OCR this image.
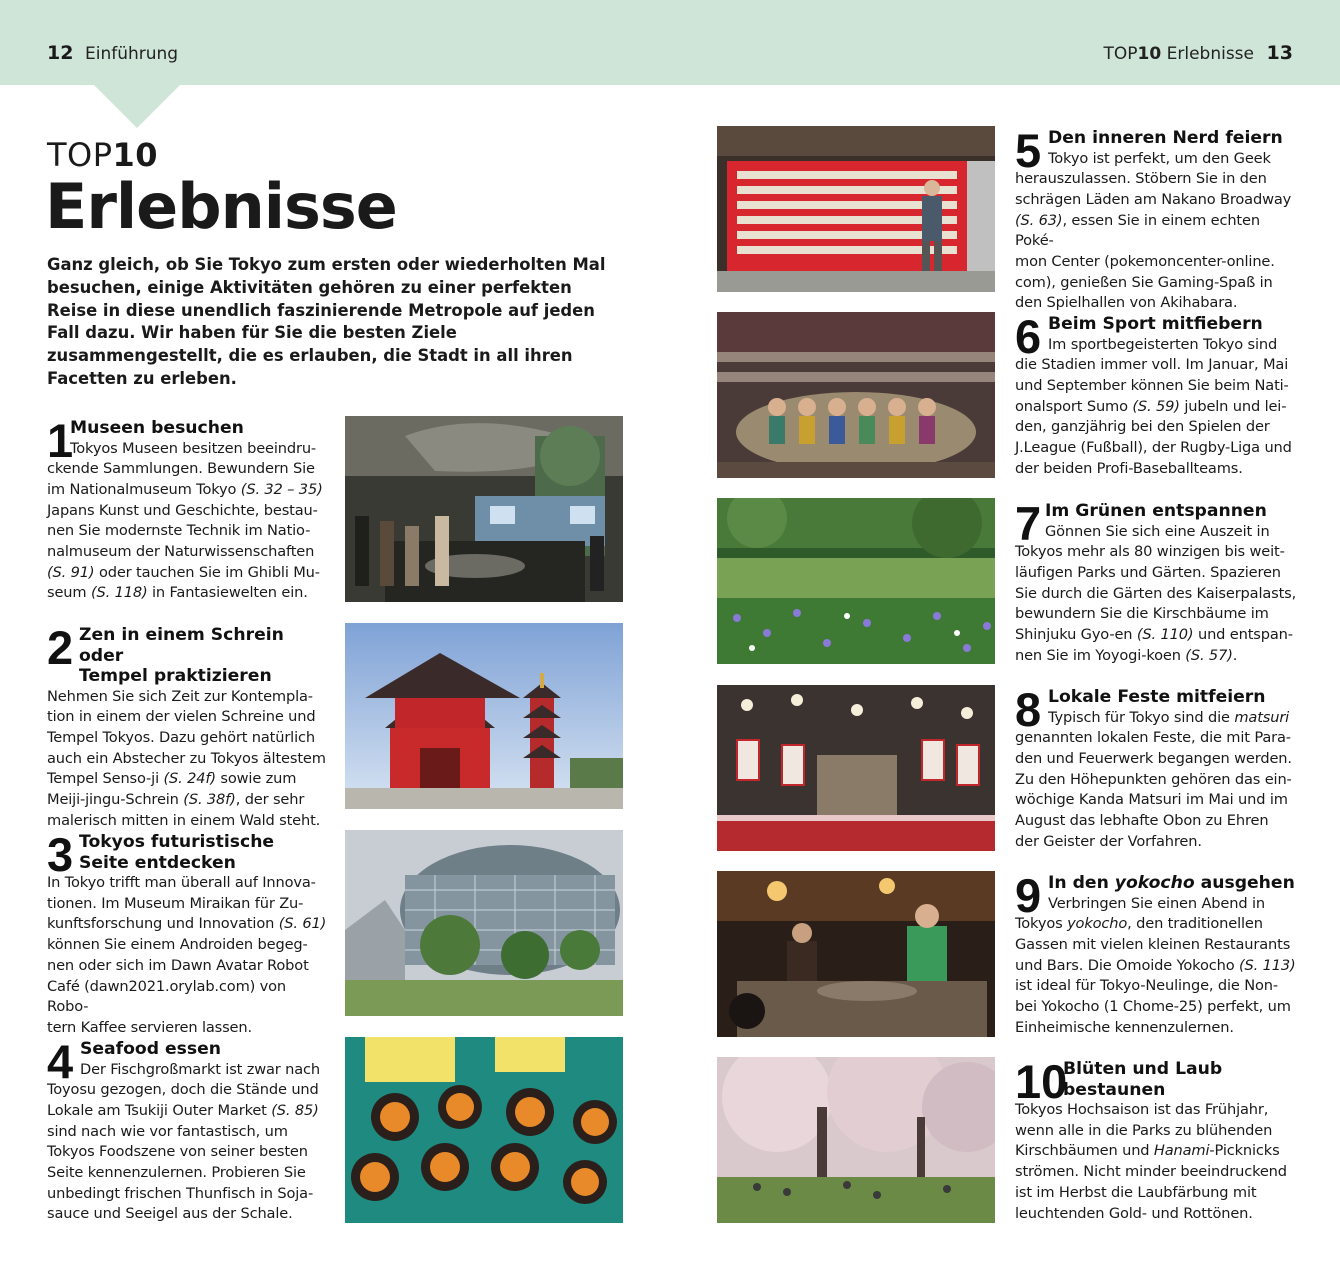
12 Einführung	TOP10 Erlebnisse 13
TOP10
Erlebnisse

Ganz gleich, ob Sie Tokyo zum ersten oder wiederholten Mal besuchen, einige Aktivitäten gehören zu einer perfekten Reise in diese unendlich faszinierende Metropole auf jeden Fall dazu. Wir haben für Sie die besten Ziele zusammengestellt, die es erlauben, die Stadt in all ihren Facetten zu erleben.

1
Museen besuchen
Tokyos Museen besitzen beeindru-
ckende Sammlungen. Bewundern Sie
im Nationalmuseum Tokyo (S. 32 – 35)
Japans Kunst und Geschichte, bestau-
nen Sie modernste Technik im Natio-
nalmuseum der Naturwissenschaften
(S. 91) oder tauchen Sie im Ghibli Mu-
seum (S. 118) in Fantasiewelten ein.
2 Zen in einem Schrein oder
Tempel praktizieren
Nehmen Sie sich Zeit zur Kontempla-
tion in einem der vielen Schreine und
Tempel Tokyos. Dazu gehört natürlich
auch ein Abstecher zu Tokyos ältestem
Tempel Senso-ji (S. 24f) sowie zum
Meiji-jingu-Schrein (S. 38f), der sehr
malerisch mitten in einem Wald steht.
3 Tokyos futuristische
Seite entdecken
In Tokyo trifft man überall auf Innova-
tionen. Im Museum Miraikan für Zu-
kunftsforschung und Innovation (S. 61)
können Sie einem Androiden begeg-
nen oder sich im Dawn Avatar Robot
Café (dawn2021.orylab.com) von Robo-
tern Kaffee servieren lassen.
4 Seafood essen
Der Fischgroßmarkt ist zwar nach
Toyosu gezogen, doch die Stände und
Lokale am Tsukiji Outer Market (S. 85)
sind nach wie vor fantastisch, um
Tokyos Foodszene von seiner besten
Seite kennenzulernen. Probieren Sie
unbedingt frischen Thunfisch in Soja-
sauce und Seeigel aus der Schale.
5 Den inneren Nerd feiern
Tokyo ist perfekt, um den Geek
herauszulassen. Stöbern Sie in den
schrägen Läden am Nakano Broadway
(S. 63), essen Sie in einem echten Poké-
mon Center (pokemoncenter-online.
com), genießen Sie Gaming-Spaß in
den Spielhallen von Akihabara.
6 Beim Sport mitfiebern
Im sportbegeisterten Tokyo sind
die Stadien immer voll. Im Januar, Mai
und September können Sie beim Nati-
onalsport Sumo (S. 59) jubeln und lei-
den, ganzjährig bei den Spielen der
J.League (Fußball), der Rugby-Liga und
der beiden Profi-Baseballteams.
7 Im Grünen entspannen
Gönnen Sie sich eine Auszeit in
Tokyos mehr als 80 winzigen bis weit-
läufigen Parks und Gärten. Spazieren
Sie durch die Gärten des Kaiserpalasts,
bewundern Sie die Kirschbäume im
Shinjuku Gyo-en (S. 110) und entspan-
nen Sie im Yoyogi-koen (S. 57).
8 Lokale Feste mitfeiern
Typisch für Tokyo sind die matsuri
genannten lokalen Feste, die mit Para-
den und Feuerwerk begangen werden.
Zu den Höhepunkten gehören das ein-
wöchige Kanda Matsuri im Mai und im
August das lebhafte Obon zu Ehren
der Geister der Vorfahren.
9 In den yokocho ausgehen
Verbringen Sie einen Abend in
Tokyos yokocho, den traditionellen
Gassen mit vielen kleinen Restaurants
und Bars. Die Omoide Yokocho (S. 113)
ist ideal für Tokyo-Neulinge, die Non-
bei Yokocho (1 Chome-25) perfekt, um
Einheimische kennenzulernen.
10
Blüten und Laub
bestaunen
Tokyos Hochsaison ist das Frühjahr,
wenn alle in die Parks zu blühenden
Kirschbäumen und Hanami-Picknicks
strömen. Nicht minder beeindruckend
ist im Herbst die Laubfärbung mit
leuchtenden Gold- und Rottönen.
